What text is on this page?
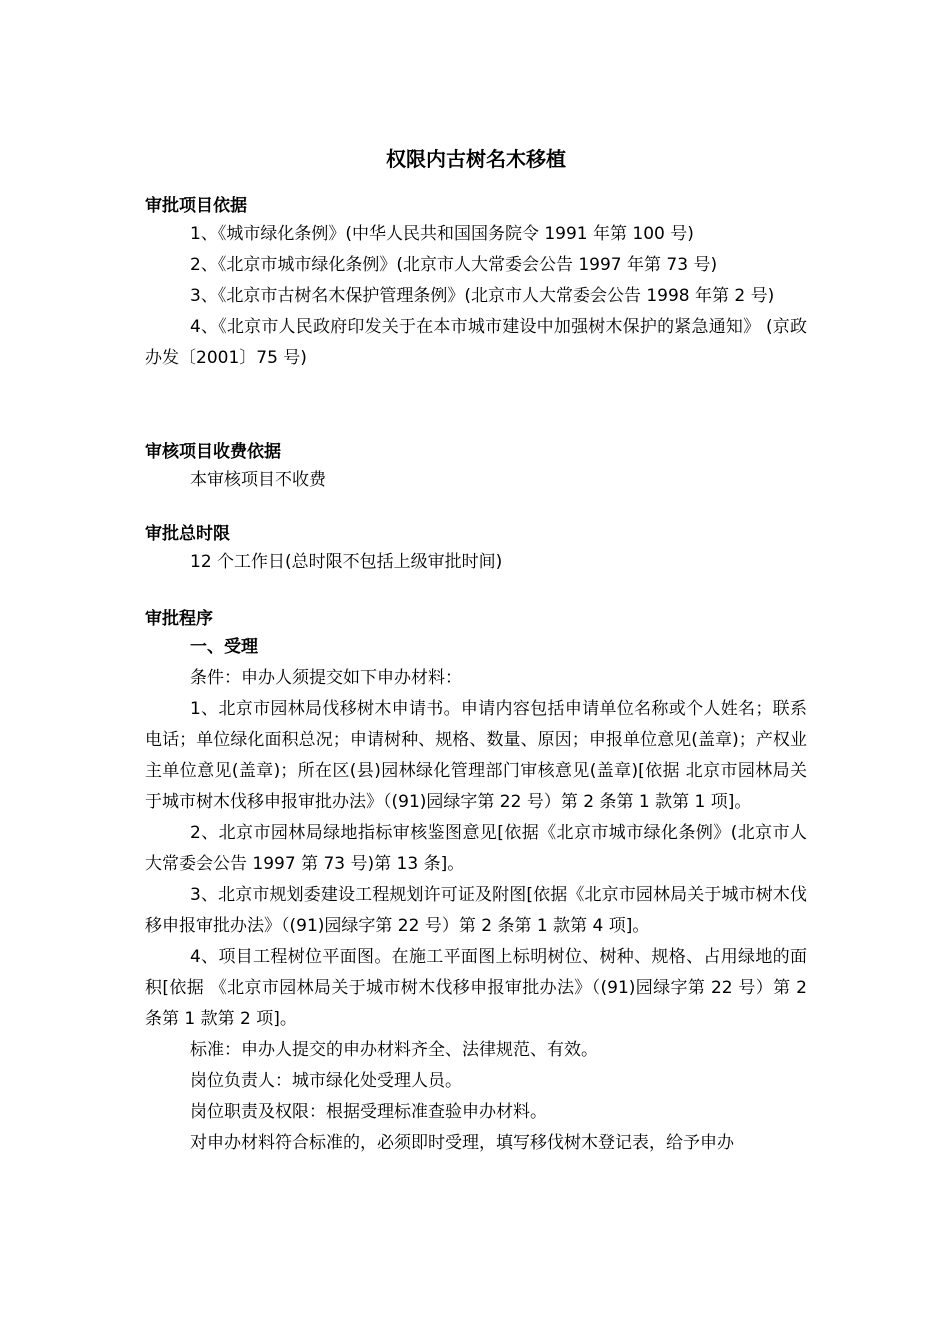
权限内古树名木移植
审批项目依据

1、《城市绿化条例》(中华人民共和国国务院令 1991 年第 100 号)

2、《北京市城市绿化条例》(北京市人大常委会公告 1997 年第 73 号)

3、《北京市古树名木保护管理条例》(北京市人大常委会公告 1998 年第 2 号)

4、《北京市人民政府印发关于在本市城市建设中加强树木保护的紧急通知》 (京政办发〔2001〕75 号)

审核项目收费依据

本审核项目不收费

审批总时限

12 个工作日(总时限不包括上级审批时间)

审批程序

一、受理

条件：申办人须提交如下申办材料：

1、北京市园林局伐移树木申请书。申请内容包括申请单位名称或个人姓名；联系电话；单位绿化面积总况；申请树种、规格、数量、原因；申报单位意见(盖章)；产权业主单位意见(盖章)；所在区(县)园林绿化管理部门审核意见(盖章)[依据 北京市园林局关于城市树木伐移申报审批办法》（(91)园绿字第 22 号）第 2 条第 1 款第 1 项]。

2、北京市园林局绿地指标审核鉴图意见[依据《北京市城市绿化条例》(北京市人大常委会公告 1997 第 73 号)第 13 条]。

3、北京市规划委建设工程规划许可证及附图[依据《北京市园林局关于城市树木伐移申报审批办法》（(91)园绿字第 22 号）第 2 条第 1 款第 4 项]。

4、项目工程树位平面图。在施工平面图上标明树位、树种、规格、占用绿地的面积[依据 《北京市园林局关于城市树木伐移申报审批办法》（(91)园绿字第 22 号）第 2 条第 1 款第 2 项]。

标准：申办人提交的申办材料齐全、法律规范、有效。

岗位负责人：城市绿化处受理人员。

岗位职责及权限：根据受理标准查验申办材料。

对申办材料符合标准的，必须即时受理，填写移伐树木登记表，给予申办
